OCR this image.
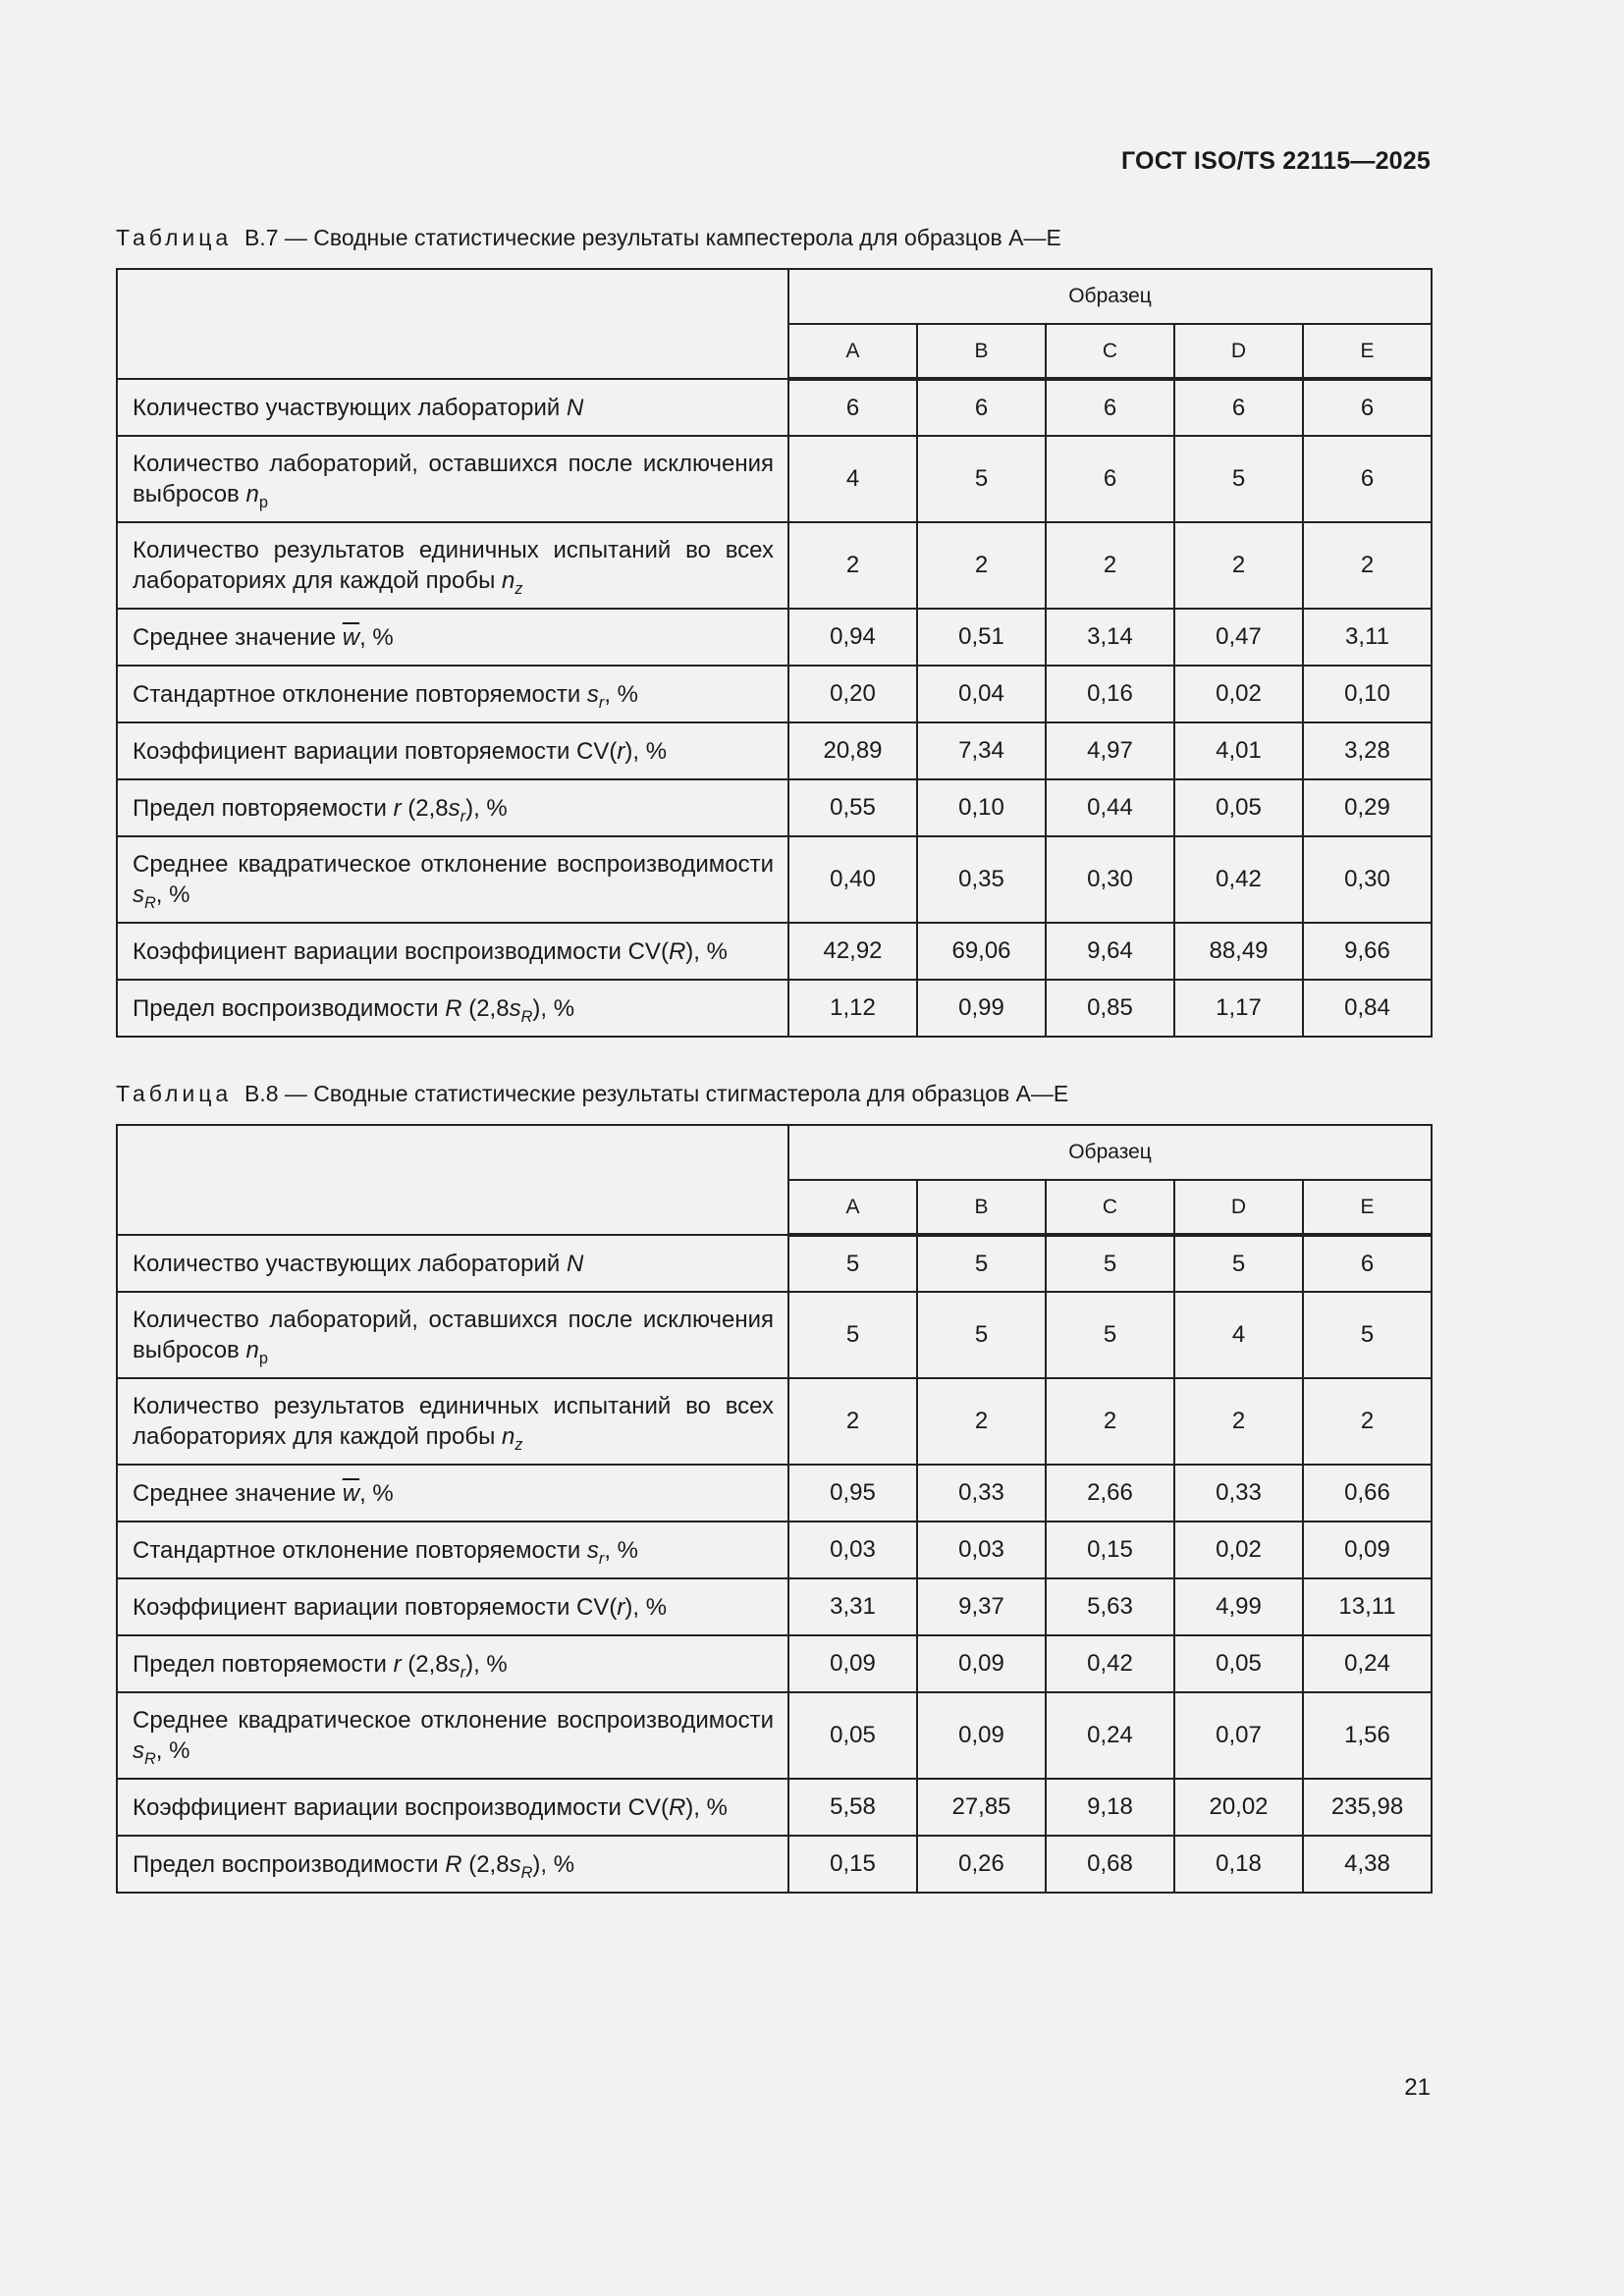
ГОСТ ISO/TS 22115—2025
Таблица В.7 — Сводные статистические результаты кампестерола для образцов A—E
	Образец				
	A	B	C	D	E
Количество участвующих лабораторий N	6	6	6	6	6
Количество лабораторий, оставшихся после исключения выбросов $n_p$	4	5	6	5	6
Количество результатов единичных испытаний во всех лабораториях для каждой пробы $n_z$	2	2	2	2	2
Среднее значение $\overline{w}$, %	0,94	0,51	3,14	0,47	3,11
Стандартное отклонение повторяемости $s_r$, %	0,20	0,04	0,16	0,02	0,10
Коэффициент вариации повторяемости CV(r), %	20,89	7,34	4,97	4,01	3,28
Предел повторяемости r $(2,8s_r)$, %	0,55	0,10	0,44	0,05	0,29
Среднее квадратическое отклонение воспроизводимости $s_R$, %	0,40	0,35	0,30	0,42	0,30
Коэффициент вариации воспроизводимости CV(R), %	42,92	69,06	9,64	88,49	9,66
Предел воспроизводимости R $(2,8s_R)$, %	1,12	0,99	0,85	1,17	0,84
Таблица В.8 — Сводные статистические результаты стигмастерола для образцов A—E
	Образец				
	A	B	C	D	E
Количество участвующих лабораторий N	5	5	5	5	6
Количество лабораторий, оставшихся после исключения выбросов $n_p$	5	5	5	4	5
Количество результатов единичных испытаний во всех лабораториях для каждой пробы $n_z$	2	2	2	2	2
Среднее значение $\overline{w}$, %	0,95	0,33	2,66	0,33	0,66
Стандартное отклонение повторяемости $s_r$, %	0,03	0,03	0,15	0,02	0,09
Коэффициент вариации повторяемости CV(r), %	3,31	9,37	5,63	4,99	13,11
Предел повторяемости r $(2,8s_r)$, %	0,09	0,09	0,42	0,05	0,24
Среднее квадратическое отклонение воспроизводимости $s_R$, %	0,05	0,09	0,24	0,07	1,56
Коэффициент вариации воспроизводимости CV(R), %	5,58	27,85	9,18	20,02	235,98
Предел воспроизводимости R $(2,8s_R)$, %	0,15	0,26	0,68	0,18	4,38
21
